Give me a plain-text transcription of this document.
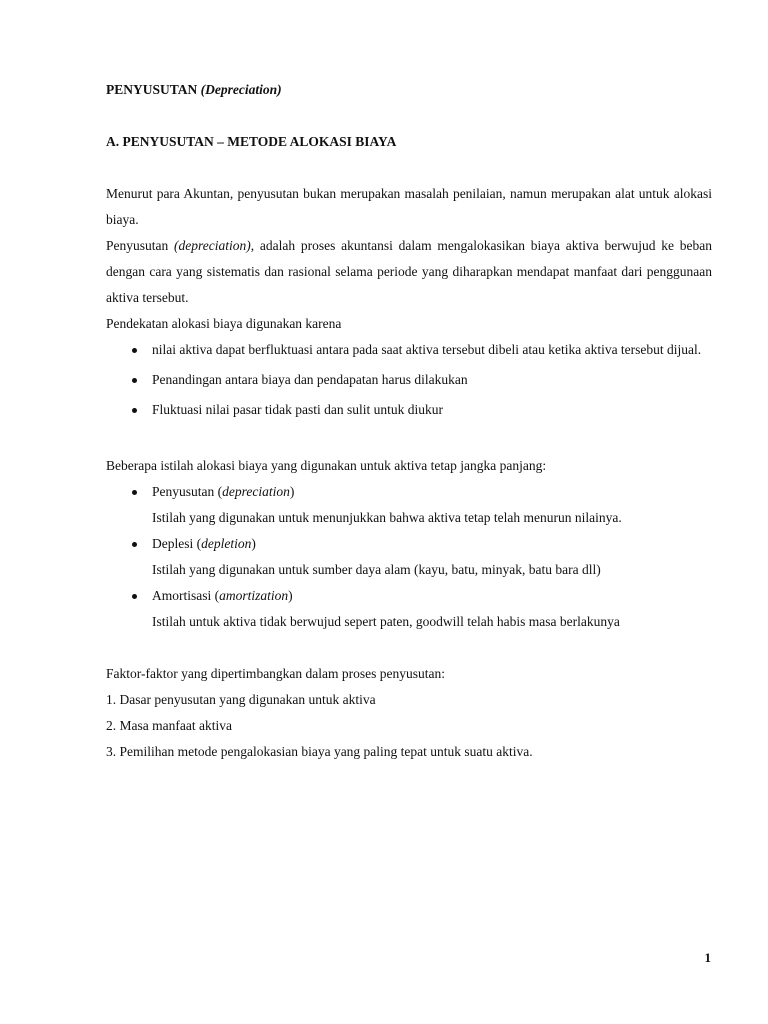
PENYUSUTAN (Depreciation)

A. PENYUSUTAN – METODE ALOKASI BIAYA

Menurut para Akuntan, penyusutan bukan merupakan masalah penilaian, namun merupakan alat untuk alokasi biaya.

Penyusutan (depreciation), adalah proses akuntansi dalam mengalokasikan biaya aktiva berwujud ke beban dengan cara yang sistematis dan rasional selama periode yang diharapkan mendapat manfaat dari penggunaan aktiva tersebut.

Pendekatan alokasi biaya digunakan karena

nilai aktiva dapat berfluktuasi antara pada saat aktiva tersebut dibeli atau ketika aktiva tersebut dijual.
Penandingan antara biaya dan pendapatan harus dilakukan
Fluktuasi nilai pasar tidak pasti dan sulit untuk diukur

Beberapa istilah alokasi biaya yang digunakan untuk aktiva tetap jangka panjang:

Penyusutan (depreciation)
Istilah yang digunakan untuk menunjukkan bahwa aktiva tetap telah menurun nilainya.
Deplesi (depletion)
Istilah yang digunakan untuk sumber daya alam (kayu, batu, minyak, batu bara dll)
Amortisasi (amortization)
Istilah untuk aktiva tidak berwujud sepert paten, goodwill telah habis masa berlakunya

Faktor-faktor yang dipertimbangkan dalam proses penyusutan:

1. Dasar penyusutan yang digunakan untuk aktiva
2. Masa manfaat aktiva
3. Pemilihan metode pengalokasian biaya yang paling tepat untuk suatu aktiva.
1
